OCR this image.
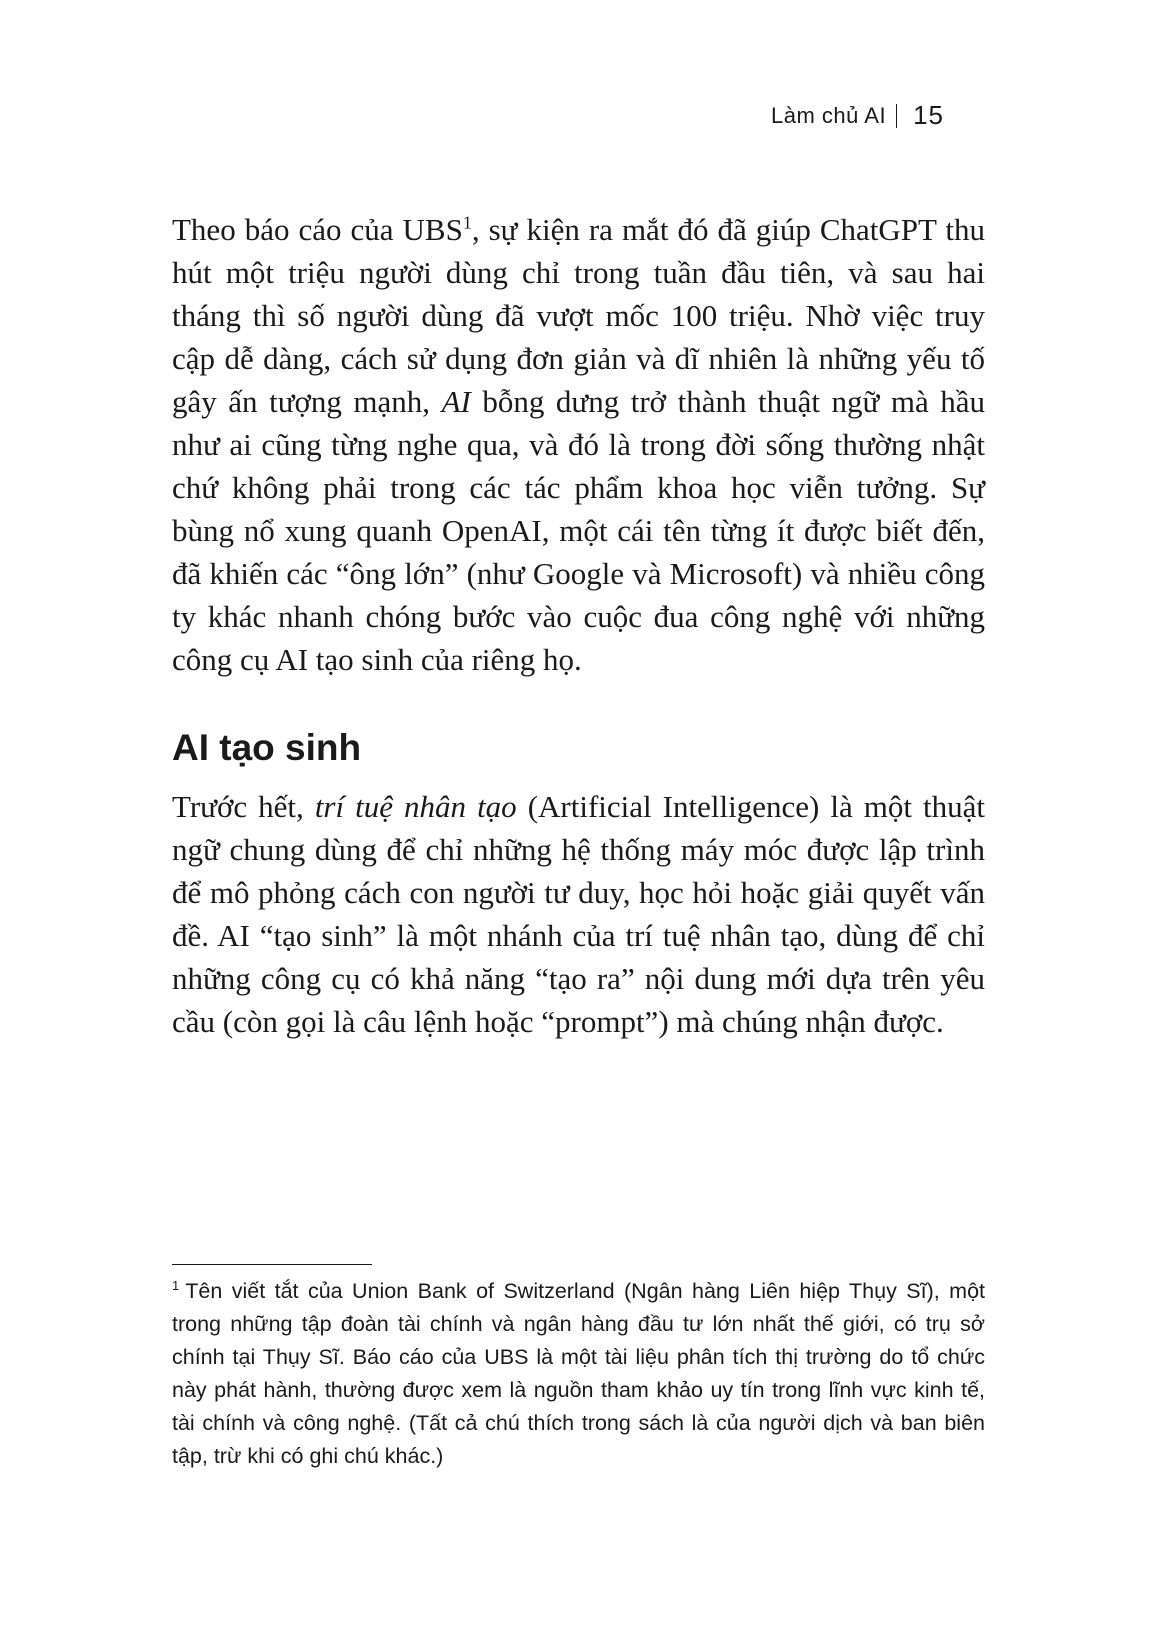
Làm chủ AI 15

Theo báo cáo của UBS$^1$, sự kiện ra mắt đó đã giúp ChatGPT thu hút một triệu người dùng chỉ trong tuần đầu tiên, và sau hai tháng thì số người dùng đã vượt mốc 100 triệu. Nhờ việc truy cập dễ dàng, cách sử dụng đơn giản và dĩ nhiên là những yếu tố gây ấn tượng mạnh, AI bỗng dưng trở thành thuật ngữ mà hầu như ai cũng từng nghe qua, và đó là trong đời sống thường nhật chứ không phải trong các tác phẩm khoa học viễn tưởng. Sự bùng nổ xung quanh OpenAI, một cái tên từng ít được biết đến, đã khiến các “ông lớn” (như Google và Microsoft) và nhiều công ty khác nhanh chóng bước vào cuộc đua công nghệ với những công cụ AI tạo sinh của riêng họ.

AI tạo sinh

Trước hết, trí tuệ nhân tạo (Artificial Intelligence) là một thuật ngữ chung dùng để chỉ những hệ thống máy móc được lập trình để mô phỏng cách con người tư duy, học hỏi hoặc giải quyết vấn đề. AI “tạo sinh” là một nhánh của trí tuệ nhân tạo, dùng để chỉ những công cụ có khả năng “tạo ra” nội dung mới dựa trên yêu cầu (còn gọi là câu lệnh hoặc “prompt”) mà chúng nhận được.

$^1$ Tên viết tắt của Union Bank of Switzerland (Ngân hàng Liên hiệp Thụy Sĩ), một trong những tập đoàn tài chính và ngân hàng đầu tư lớn nhất thế giới, có trụ sở chính tại Thụy Sĩ. Báo cáo của UBS là một tài liệu phân tích thị trường do tổ chức này phát hành, thường được xem là nguồn tham khảo uy tín trong lĩnh vực kinh tế, tài chính và công nghệ. (Tất cả chú thích trong sách là của người dịch và ban biên tập, trừ khi có ghi chú khác.)
